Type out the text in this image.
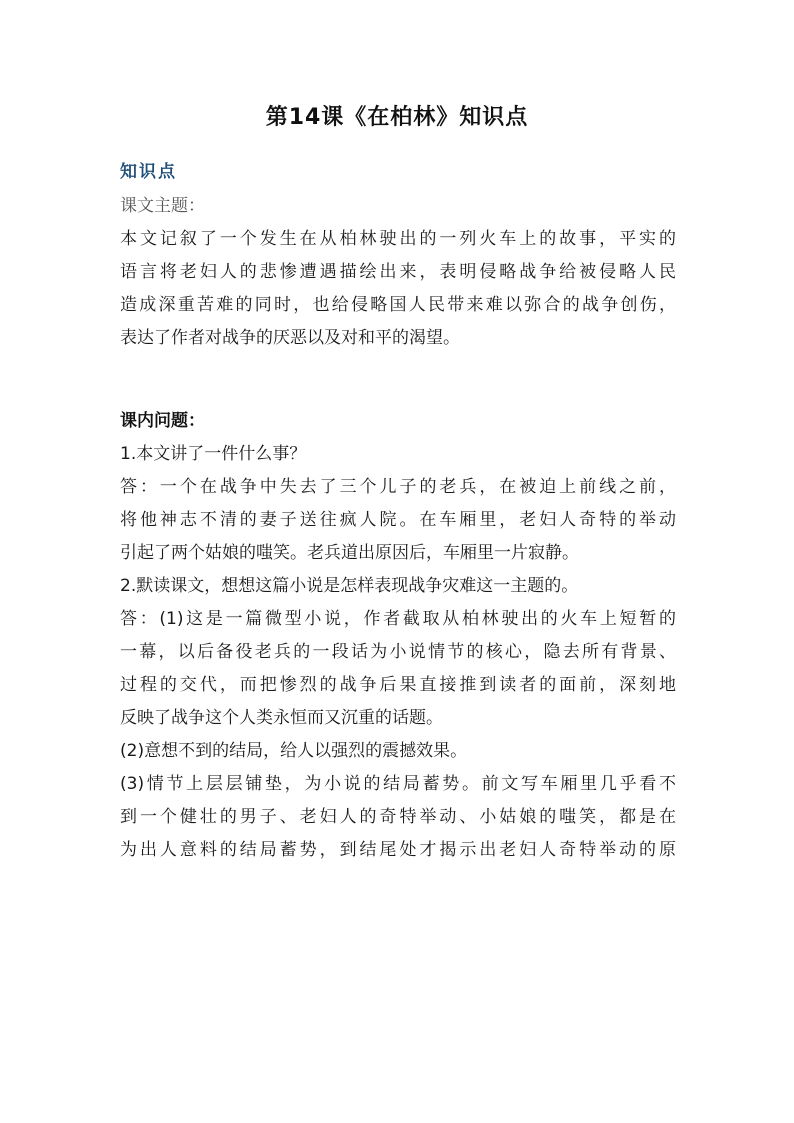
第14课《在柏林》知识点
知识点
课文主题：
本文记叙了一个发生在从柏林驶出的一列火车上的故事，平实的
语言将老妇人的悲惨遭遇描绘出来，表明侵略战争给被侵略人民
造成深重苦难的同时，也给侵略国人民带来难以弥合的战争创伤，
表达了作者对战争的厌恶以及对和平的渴望。
课内问题：
1.本文讲了一件什么事？
答：一个在战争中失去了三个儿子的老兵，在被迫上前线之前，
将他神志不清的妻子送往疯人院。在车厢里，老妇人奇特的举动
引起了两个姑娘的嗤笑。老兵道出原因后，车厢里一片寂静。
2.默读课文，想想这篇小说是怎样表现战争灾难这一主题的。
答：(1)这是一篇微型小说，作者截取从柏林驶出的火车上短暂的
一幕，以后备役老兵的一段话为小说情节的核心，隐去所有背景、
过程的交代，而把惨烈的战争后果直接推到读者的面前，深刻地
反映了战争这个人类永恒而又沉重的话题。
(2)意想不到的结局，给人以强烈的震撼效果。
(3)情节上层层铺垫，为小说的结局蓄势。前文写车厢里几乎看不
到一个健壮的男子、老妇人的奇特举动、小姑娘的嗤笑，都是在
为出人意料的结局蓄势，到结尾处才揭示出老妇人奇特举动的原
